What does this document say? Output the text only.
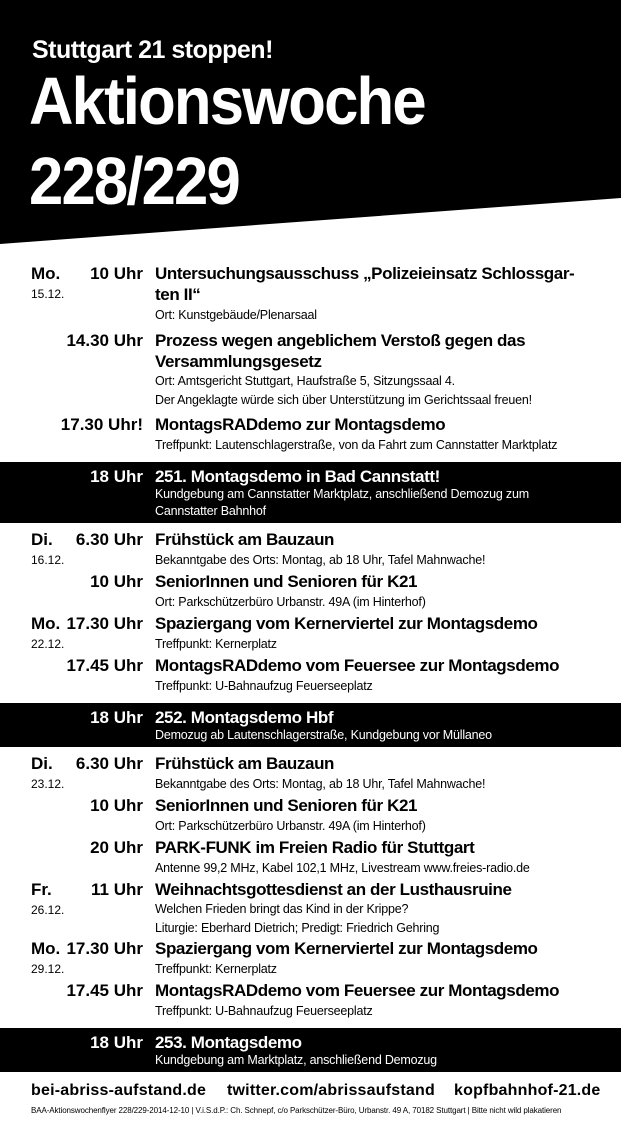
Stuttgart 21 stoppen!
Aktionswoche
228/229	15.12.- 29.12.
Mo. 10 Uhr Untersuchungsausschuss „Polizeieinsatz Schlossgar-
15.12.	ten II“
Ort: Kunstgebäude/Plenarsaal
14.30 Uhr Prozess wegen angeblichem Verstoß gegen das
Versammlungsgesetz
Ort: Amtsgericht Stuttgart, Haufstraße 5, Sitzungssaal 4.
Der Angeklagte würde sich über Unterstützung im Gerichtssaal freuen!
17.30 Uhr! MontagsRADdemo zur Montagsdemo
Treffpunkt: Lautenschlagerstraße, von da Fahrt zum Cannstatter Marktplatz
18 Uhr 251. Montagsdemo in Bad Cannstatt!
Kundgebung am Cannstatter Marktplatz, anschließend Demozug zum
Cannstatter Bahnhof
Di. 6.30 Uhr Frühstück am Bauzaun
16.12.	Bekanntgabe des Orts: Montag, ab 18 Uhr, Tafel Mahnwache!
10 Uhr SeniorInnen und Senioren für K21
Ort: Parkschützerbüro Urbanstr. 49A (im Hinterhof)
Mo. 17.30 Uhr Spaziergang vom Kernerviertel zur Montagsdemo
22.12.	Treffpunkt: Kernerplatz
17.45 Uhr MontagsRADdemo vom Feuersee zur Montagsdemo
Treffpunkt: U-Bahnaufzug Feuerseeplatz
18 Uhr 252. Montagsdemo Hbf
Demozug ab Lautenschlagerstraße, Kundgebung vor Müllaneo
Di. 6.30 Uhr Frühstück am Bauzaun
23.12.	Bekanntgabe des Orts: Montag, ab 18 Uhr, Tafel Mahnwache!
10 Uhr SeniorInnen und Senioren für K21
Ort: Parkschützerbüro Urbanstr. 49A (im Hinterhof)
20 Uhr PARK-FUNK im Freien Radio für Stuttgart
Antenne 99,2 MHz, Kabel 102,1 MHz, Livestream www.freies-radio.de
Fr. 11 Uhr Weihnachtsgottesdienst an der Lusthausruine
26.12.	Welchen Frieden bringt das Kind in der Krippe?
Liturgie: Eberhard Dietrich; Predigt: Friedrich Gehring
Mo. 17.30 Uhr Spaziergang vom Kernerviertel zur Montagsdemo
29.12.	Treffpunkt: Kernerplatz
17.45 Uhr MontagsRADdemo vom Feuersee zur Montagsdemo
Treffpunkt: U-Bahnaufzug Feuerseeplatz
18 Uhr 253. Montagsdemo
Kundgebung am Marktplatz, anschließend Demozug
bei-abriss-aufstand.de twitter.com/abrissaufstand kopfbahnhof-21.de
BAA-Aktionswochenflyer 228/229-2014-12-10 | V.i.S.d.P.: Ch. Schnepf, c/o Parkschützer-Büro, Urbanstr. 49 A, 70182 Stuttgart | Bitte nicht wild plakatieren
